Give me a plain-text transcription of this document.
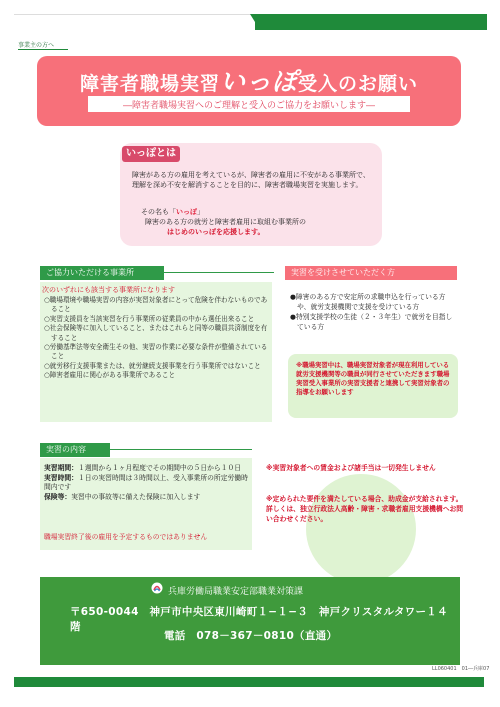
事業主の方へ
障害者職場実習いっぽ受入のお願い
―障害者職場実習へのご理解と受入のご協力をお願いします―
いっぽとは
障害がある方の雇用を考えているが、障害者の雇用に不安がある事業所で、理解を深め不安を解消することを目的に、障害者職場実習を実施します。
その名も「いっぽ」
障害のある方の就労と障害者雇用に取組む事業所の
はじめのいっぽを応援します。
ご協力いただける事業所
次のいずれにも該当する事業所になります
○職場環境や職場実習の内容が実習対象者にとって危険を伴わないものであること
○実習支援員を当該実習を行う事業所の従業員の中から選任出来ること
○社会保険等に加入していること、またはこれらと同等の職員共済制度を有すること
○労働基準法等安全衛生その他、実習の作業に必要な条件が整備されていること
○就労移行支援事業または、就労継続支援事業を行う事業所ではないこと
○障害者雇用に関心がある事業所であること
実習を受けさせていただく方
●障害のある方で安定所の求職申込を行っている方や、就労支援機関で支援を受けている方
●特別支援学校の生徒（２・３年生）で就労を目指している方
※職場実習中は、職場実習対象者が現在利用している就労支援機関等の職員が同行させていただきます職場実習受入事業所の実習支援者と連携して実習対象者の指導をお願いします
実習の内容
実習期間：１週間から１ヶ月程度でその期間中の５日から１０日
実習時間：１日の実習時間は３時間以上、受入事業所の所定労働時間内です
保険等：実習中の事故等に備えた保険に加入します
職場実習終了後の雇用を予定するものではありません
※実習対象者への賃金および諸手当は一切発生しません
※定められた要件を満たしている場合、助成金が支給されます。詳しくは、独立行政法人高齢・障害・求職者雇用支援機構へお問い合わせください。
兵庫労働局職業安定部職業対策課
〒650-0044　神戸市中央区東川崎町１−１−３　神戸クリスタルタワー１４階
電話　078－367－0810（直通）
LL060401　01―兵庫07
